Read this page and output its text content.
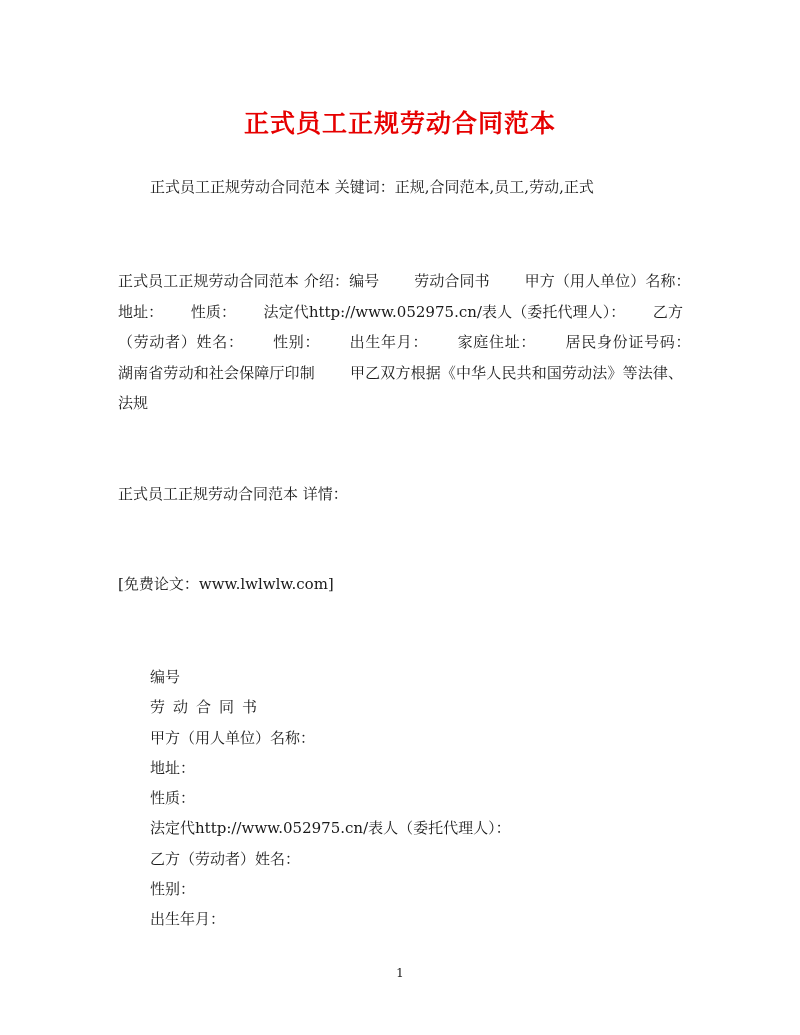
正式员工正规劳动合同范本

正式员工正规劳动合同范本 关键词：正规,合同范本,员工,劳动,正式

正式员工正规劳动合同范本 介绍：编号　　 劳动合同书　　 甲方（用人单位）名称：　　 地址：　　 性质：　　 法定代http://www.052975.cn/表人（委托代理人）：　　 乙方（劳动者）姓名：　　 性别：　　 出生年月：　　 家庭住址：　　 居民身份证号码：　　 湖南省劳动和社会保障厅印制　　 甲乙双方根据《中华人民共和国劳动法》等法律、法规

正式员工正规劳动合同范本 详情：

[免费论文：www.lwlwlw.com]

编号
劳动合同书
甲方（用人单位）名称：
地址：
性质：
法定代http://www.052975.cn/表人（委托代理人）：
乙方（劳动者）姓名：
性别：
出生年月：

1
